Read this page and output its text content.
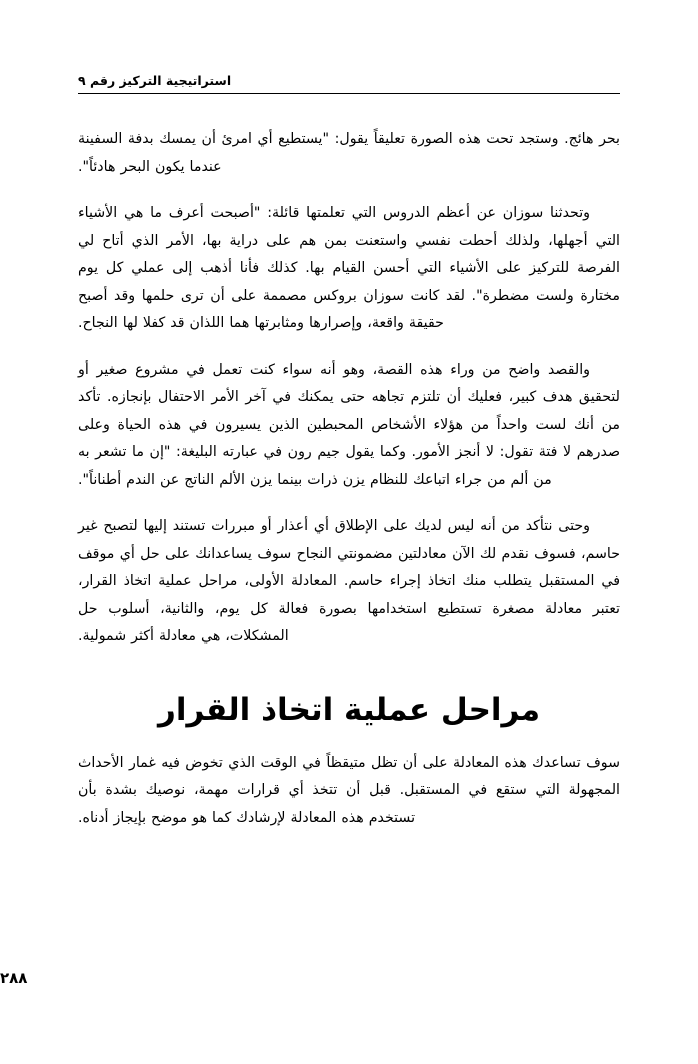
استراتيجية التركيز رقم ٩

بحر هائج. وستجد تحت هذه الصورة تعليقاً يقول: "يستطيع أي امرئ أن يمسك بدفة السفينة عندما يكون البحر هادئاً".

وتحدثنا سوزان عن أعظم الدروس التي تعلمتها قائلة: "أصبحت أعرف ما هي الأشياء التي أجهلها، ولذلك أحطت نفسي واستعنت بمن هم على دراية بها، الأمر الذي أتاح لي الفرصة للتركيز على الأشياء التي أحسن القيام بها. كذلك فأنا أذهب إلى عملي كل يوم مختارة ولست مضطرة". لقد كانت سوزان بروكس مصممة على أن ترى حلمها وقد أصبح حقيقة واقعة، وإصرارها ومثابرتها هما اللذان قد كفلا لها النجاح.

والقصد واضح من وراء هذه القصة، وهو أنه سواء كنت تعمل في مشروع صغير أو لتحقيق هدف كبير، فعليك أن تلتزم تجاهه حتى يمكنك في آخر الأمر الاحتفال بإنجازه. تأكد من أنك لست واحداً من هؤلاء الأشخاص المحبطين الذين يسيرون في هذه الحياة وعلى صدرهم لا فتة تقول: لا أنجز الأمور. وكما يقول جيم رون في عبارته البليغة: "إن ما تشعر به من ألم من جراء اتباعك للنظام يزن ذرات بينما يزن الألم الناتج عن الندم أطناناً".

وحتى نتأكد من أنه ليس لديك على الإطلاق أي أعذار أو مبررات تستند إليها لتصبح غير حاسم، فسوف نقدم لك الآن معادلتين مضمونتي النجاح سوف يساعدانك على حل أي موقف في المستقبل يتطلب منك اتخاذ إجراء حاسم. المعادلة الأولى، مراحل عملية اتخاذ القرار، تعتبر معادلة مصغرة تستطيع استخدامها بصورة فعالة كل يوم، والثانية، أسلوب حل المشكلات، هي معادلة أكثر شمولية.

مراحل عملية اتخاذ القرار

سوف تساعدك هذه المعادلة على أن تظل متيقظاً في الوقت الذي تخوض فيه غمار الأحداث المجهولة التي ستقع في المستقبل. قبل أن تتخذ أي قرارات مهمة، نوصيك بشدة بأن تستخدم هذه المعادلة لإرشادك كما هو موضح بإيجاز أدناه.

٢٨٨
